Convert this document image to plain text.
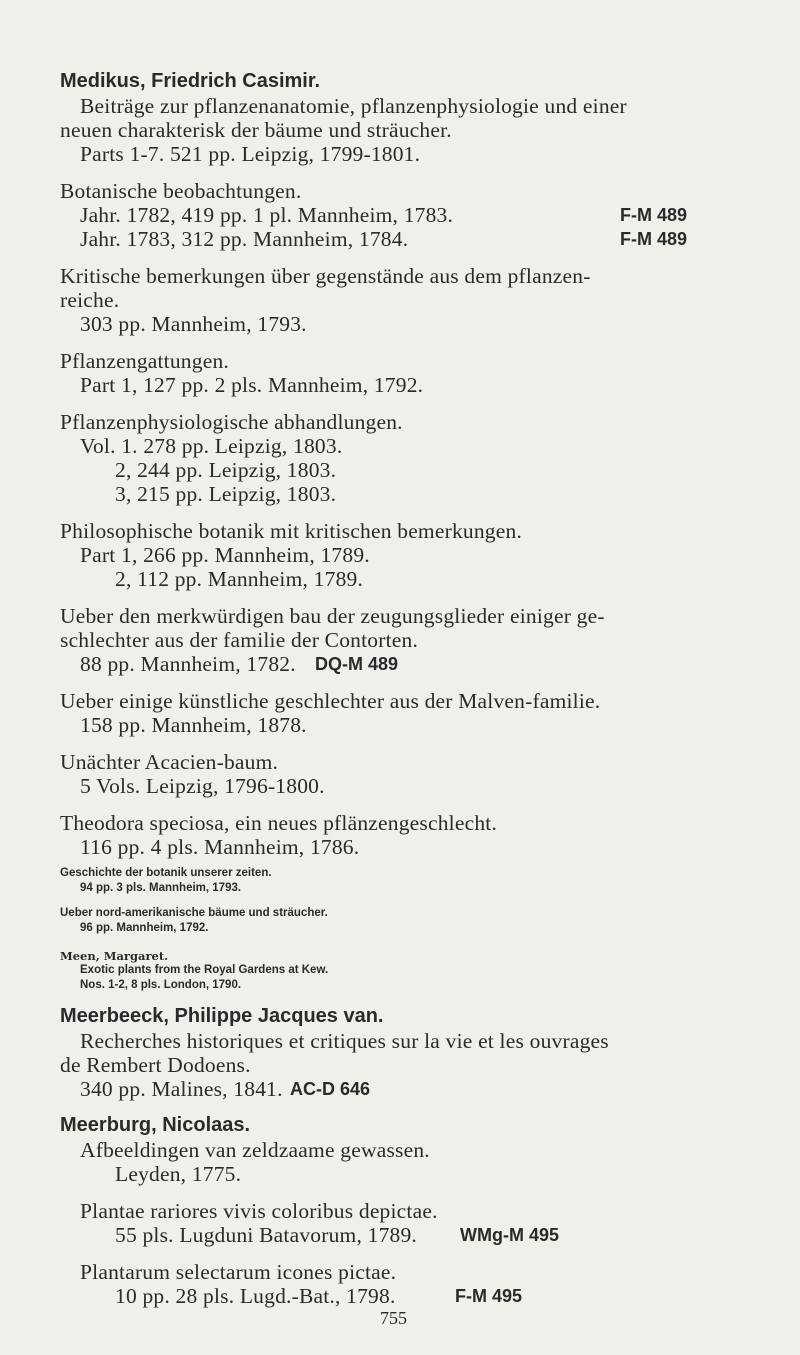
Medikus, Friedrich Casimir.
Beiträge zur pflanzenanatomie, pflanzenphysiologie und einer
neuen charakterisk der bäume und sträucher.
Parts 1-7. 521 pp. Leipzig, 1799-1801.
Botanische beobachtungen.
Jahr. 1782, 419 pp. 1 pl. Mannheim, 1783.	F-M 489
Jahr. 1783, 312 pp. Mannheim, 1784.	F-M 489
Kritische bemerkungen über gegenstände aus dem pflanzen-
reiche.
303 pp. Mannheim, 1793.
Pflanzengattungen.
Part 1, 127 pp. 2 pls. Mannheim, 1792.
Pflanzenphysiologische abhandlungen.
Vol. 1. 278 pp. Leipzig, 1803.
2, 244 pp. Leipzig, 1803.
3, 215 pp. Leipzig, 1803.
Philosophische botanik mit kritischen bemerkungen.
Part 1, 266 pp. Mannheim, 1789.
2, 112 pp. Mannheim, 1789.
Ueber den merkwürdigen bau der zeugungsglieder einiger ge-
schlechter aus der familie der Contorten.
88 pp. Mannheim, 1782. DQ-M 489
Ueber einige künstliche geschlechter aus der Malven-familie.
158 pp. Mannheim, 1878.
Unächter Acacien-baum.
5 Vols. Leipzig, 1796-1800.
Theodora speciosa, ein neues pflänzengeschlecht.
116 pp. 4 pls. Mannheim, 1786.
Geschichte der botanik unserer zeiten.
94 pp. 3 pls. Mannheim, 1793.
Ueber nord-amerikanische bäume und sträucher.
96 pp. Mannheim, 1792.
Meen, Margaret.
Exotic plants from the Royal Gardens at Kew.
Nos. 1-2, 8 pls. London, 1790.
Meerbeeck, Philippe Jacques van.
Recherches historiques et critiques sur la vie et les ouvrages
de Rembert Dodoens.
340 pp. Malines, 1841. AC-D 646
Meerburg, Nicolaas.
Afbeeldingen van zeldzaame gewassen.
Leyden, 1775.
Plantae rariores vivis coloribus depictae.
55 pls. Lugduni Batavorum, 1789. WMg-M 495
Plantarum selectarum icones pictae.
10 pp. 28 pls. Lugd.-Bat., 1798.	F-M 495
755
